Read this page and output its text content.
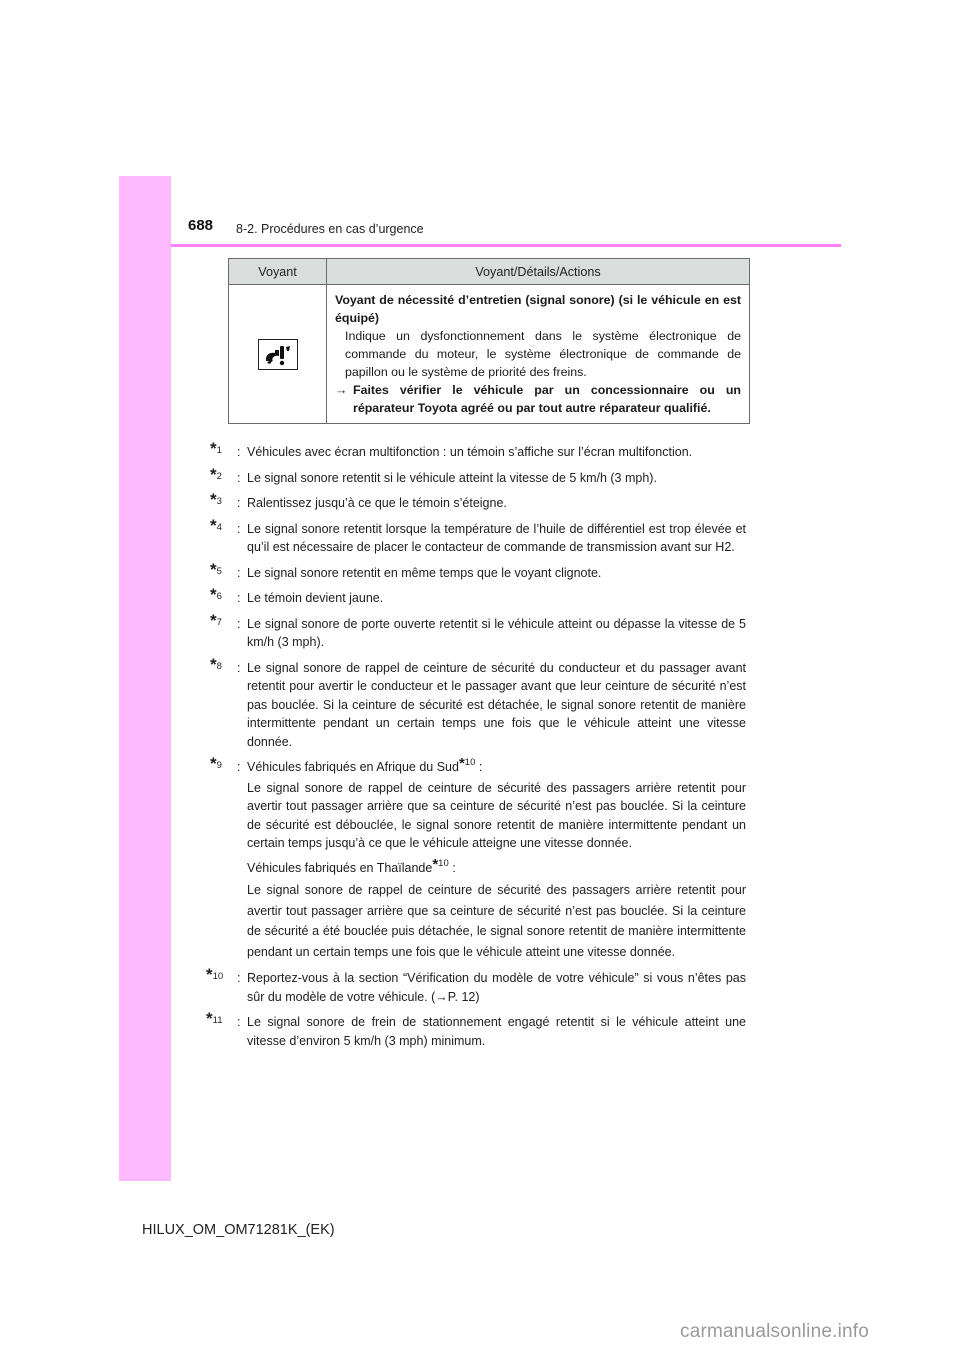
688 8-2. Procédures en cas d’urgence
Voyant	Voyant/Détails/Actions

Voyant de nécessité d’entretien (signal sonore) (si le véhicule en est équipé)
Indique un dysfonctionnement dans le système électronique de commande du moteur, le système électronique de commande de papillon ou le système de priorité des freins.
→ Faites vérifier le véhicule par un concessionnaire ou un réparateur Toyota agréé ou par tout autre réparateur qualifié.
*1 : Véhicules avec écran multifonction : un témoin s’affiche sur l’écran multifonction.
*2 : Le signal sonore retentit si le véhicule atteint la vitesse de 5 km/h (3 mph).
*3 : Ralentissez jusqu’à ce que le témoin s’éteigne.
*4 : Le signal sonore retentit lorsque la température de l’huile de différentiel est trop élevée et qu’il est nécessaire de placer le contacteur de commande de transmission avant sur H2.
*5 : Le signal sonore retentit en même temps que le voyant clignote.
*6 : Le témoin devient jaune.
*7 : Le signal sonore de porte ouverte retentit si le véhicule atteint ou dépasse la vitesse de 5 km/h (3 mph).
*8 : Le signal sonore de rappel de ceinture de sécurité du conducteur et du passager avant retentit pour avertir le conducteur et le passager avant que leur ceinture de sécurité n’est pas bouclée. Si la ceinture de sécurité est détachée, le signal sonore retentit de manière intermittente pendant un certain temps une fois que le véhicule atteint une vitesse donnée.
*9 : Véhicules fabriqués en Afrique du Sud*$^{10}$ :
Le signal sonore de rappel de ceinture de sécurité des passagers arrière retentit pour avertir tout passager arrière que sa ceinture de sécurité n’est pas bouclée. Si la ceinture de sécurité est débouclée, le signal sonore retentit de manière intermittente pendant un certain temps jusqu’à ce que le véhicule atteigne une vitesse donnée.
Véhicules fabriqués en Thaïlande*$^{10}$ :
Le signal sonore de rappel de ceinture de sécurité des passagers arrière retentit pour avertir tout passager arrière que sa ceinture de sécurité n’est pas bouclée. Si la ceinture de sécurité a été bouclée puis détachée, le signal sonore retentit de manière intermittente pendant un certain temps une fois que le véhicule atteint une vitesse donnée.
*10 : Reportez-vous à la section “Vérification du modèle de votre véhicule” si vous n’êtes pas sûr du modèle de votre véhicule. (→P. 12)
*11 : Le signal sonore de frein de stationnement engagé retentit si le véhicule atteint une vitesse d’environ 5 km/h (3 mph) minimum.
HILUX_OM_OM71281K_(EK)
carmanualsonline.info
